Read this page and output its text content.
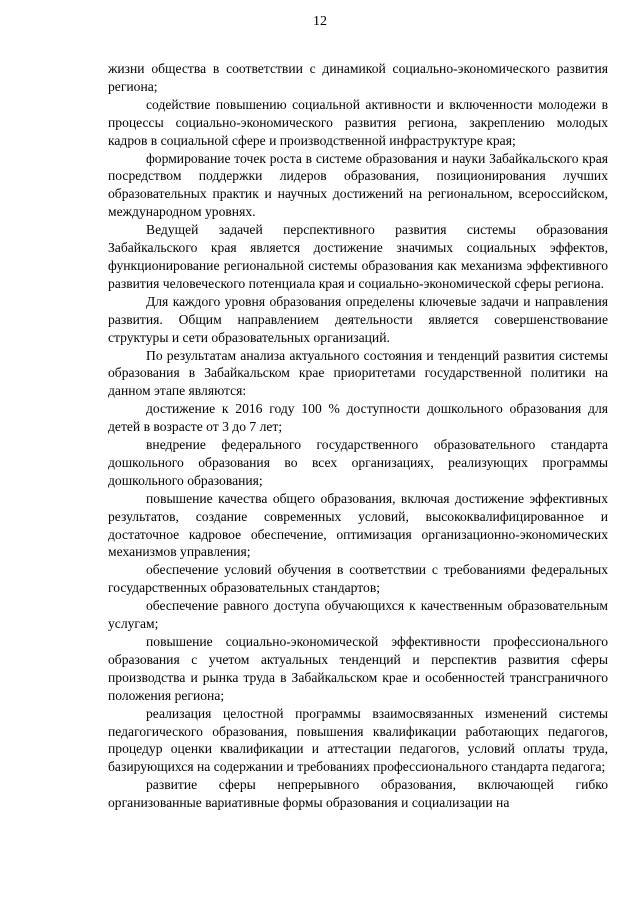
12

жизни общества в соответствии с динамикой социально-экономического развития региона;

содействие повышению социальной активности и включенности молодежи в процессы социально-экономического развития региона, закреплению молодых кадров в социальной сфере и производственной инфраструктуре края;

формирование точек роста в системе образования и науки Забайкальского края посредством поддержки лидеров образования, позиционирования лучших образовательных практик и научных достижений на региональном, всероссийском, международном уровнях.

Ведущей задачей перспективного развития системы образования Забайкальского края является достижение значимых социальных эффектов, функционирование региональной системы образования как механизма эффективного развития человеческого потенциала края и социально-экономической сферы региона.

Для каждого уровня образования определены ключевые задачи и направления развития. Общим направлением деятельности является совершенствование структуры и сети образовательных организаций.

По результатам анализа актуального состояния и тенденций развития системы образования в Забайкальском крае приоритетами государственной политики на данном этапе являются:

достижение к 2016 году 100 % доступности дошкольного образования для детей в возрасте от 3 до 7 лет;

внедрение федерального государственного образовательного стандарта дошкольного образования во всех организациях, реализующих программы дошкольного образования;

повышение качества общего образования, включая достижение эффективных результатов, создание современных условий, высококвалифицированное и достаточное кадровое обеспечение, оптимизация организационно-экономических механизмов управления;

обеспечение условий обучения в соответствии с требованиями федеральных государственных образовательных стандартов;

обеспечение равного доступа обучающихся к качественным образовательным услугам;

повышение социально-экономической эффективности профессионального образования с учетом актуальных тенденций и перспектив развития сферы производства и рынка труда в Забайкальском крае и особенностей трансграничного положения региона;

реализация целостной программы взаимосвязанных изменений системы педагогического образования, повышения квалификации работающих педагогов, процедур оценки квалификации и аттестации педагогов, условий оплаты труда, базирующихся на содержании и требованиях профессионального стандарта педагога;

развитие сферы непрерывного образования, включающей гибко организованные вариативные формы образования и социализации на
